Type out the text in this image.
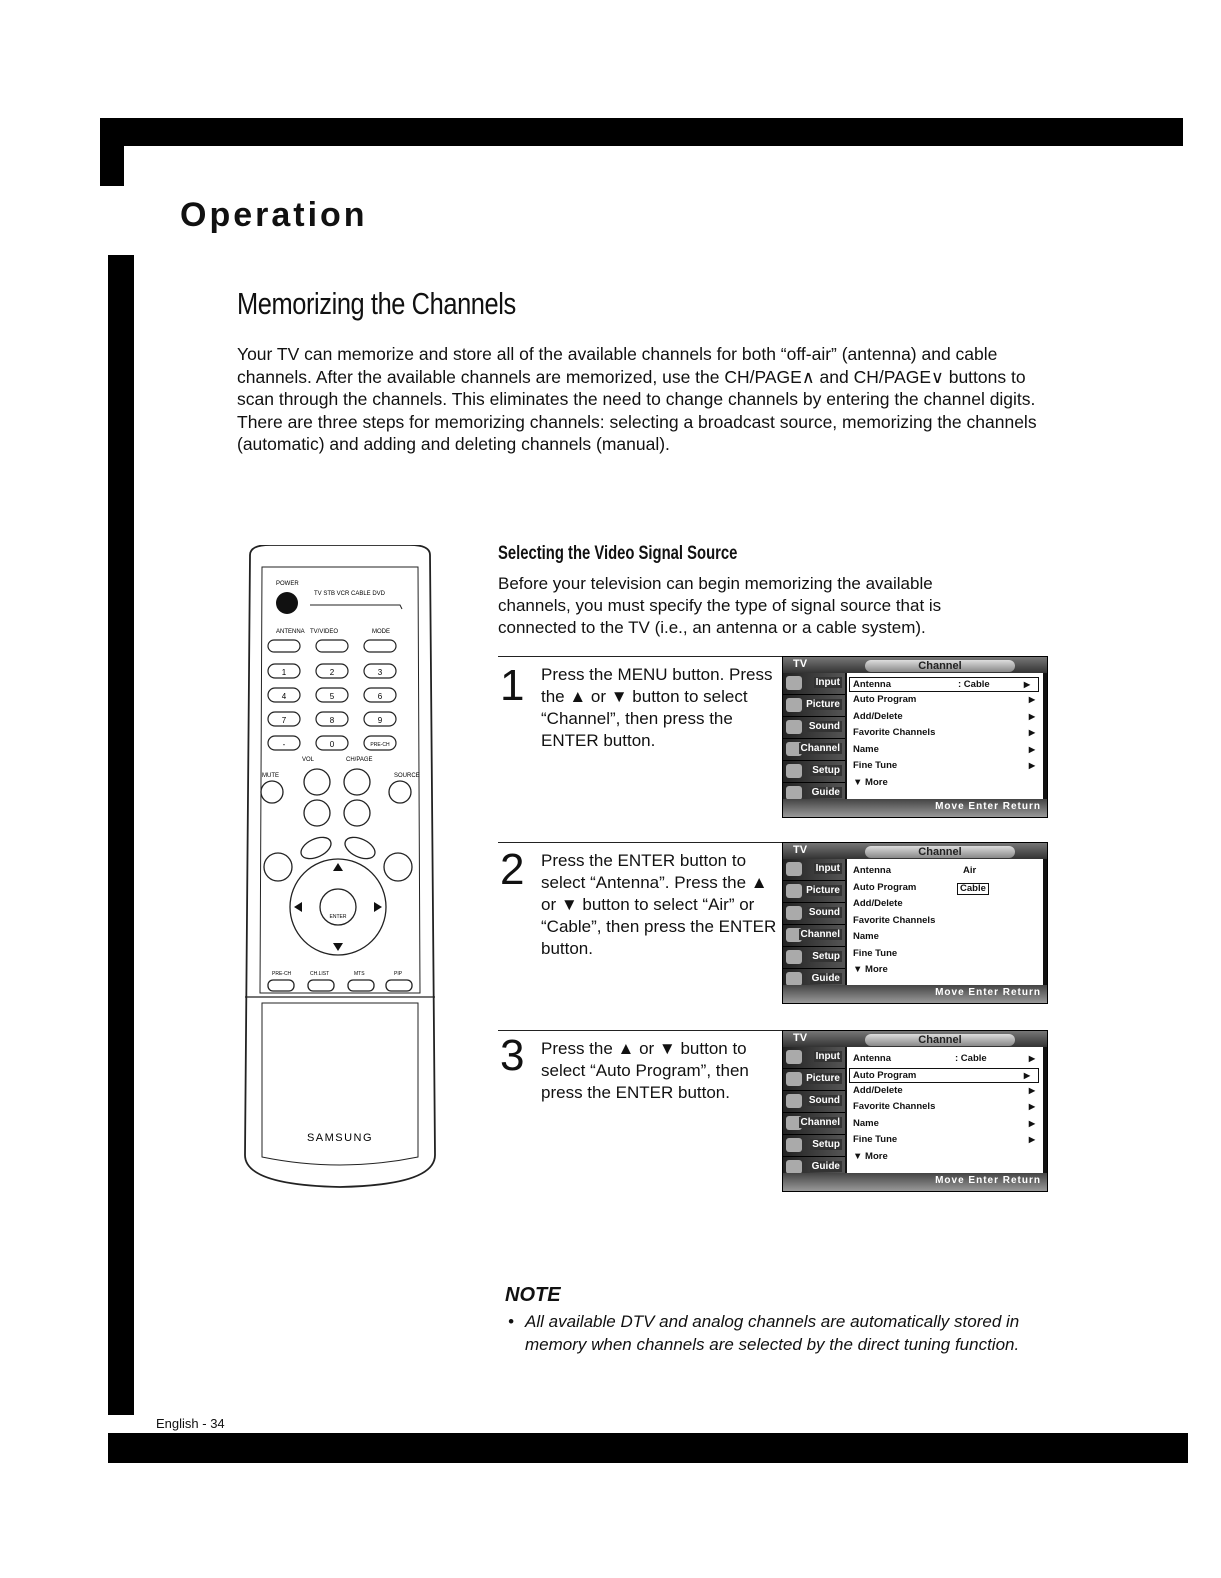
Operation
Memorizing the Channels
Your TV can memorize and store all of the available channels for both “off-air” (antenna) and cable channels. After the available channels are memorized, use the CH/PAGE∧ and CH/PAGE∨ buttons to scan through the channels. This eliminates the need to change channels by entering the channel digits. There are three steps for memorizing channels: selecting a broadcast source, memorizing the channels (automatic) and adding and deleting channels (manual).
POWER
TV STB VCR CABLE DVD
ANTENNA TV/VIDEO	MODE
1	2	3
4	5	6
7	8	9
-	0	PRE-CH
VOL	CH/PAGE
MUTE	SOURCE
ENTER
PRE-CH	CH.LIST	MTS	PIP
SAMSUNG
Selecting the Video Signal Source
Before your television can begin memorizing the available channels, you must specify the type of signal source that is connected to the TV (i.e., an antenna or a cable system).
1 Press the MENU button. Press the ▲ or ▼ button to select “Channel”, then press the ENTER button.
2 Press the ENTER button to select “Antenna”. Press the ▲ or ▼ button to select “Air” or “Cable”, then press the ENTER button.
3 Press the ▲ or ▼ button to select “Auto Program”, then press the ENTER button.
TV	Channel
Input
Picture
Sound
Channel
Setup
Guide
Antenna	: Cable	▶
Auto Program	▶
Add/Delete	▶
Favorite Channels	▶
Name	▶
Fine Tune	▶
▼ More
Move Enter Return
TV	Channel
Input
Picture
Sound
Channel
Setup
Guide
Antenna	Air
Auto Program	Cable
Add/Delete
Favorite Channels
Name
Fine Tune
▼ More
Move Enter Return
TV	Channel
Input
Picture
Sound
Channel
Setup
Guide
Antenna	: Cable	▶
Auto Program	▶
Add/Delete	▶
Favorite Channels	▶
Name	▶
Fine Tune	▶
▼ More
Move Enter Return
NOTE
• All available DTV and analog channels are automatically stored in memory when channels are selected by the direct tuning function.
English - 34
